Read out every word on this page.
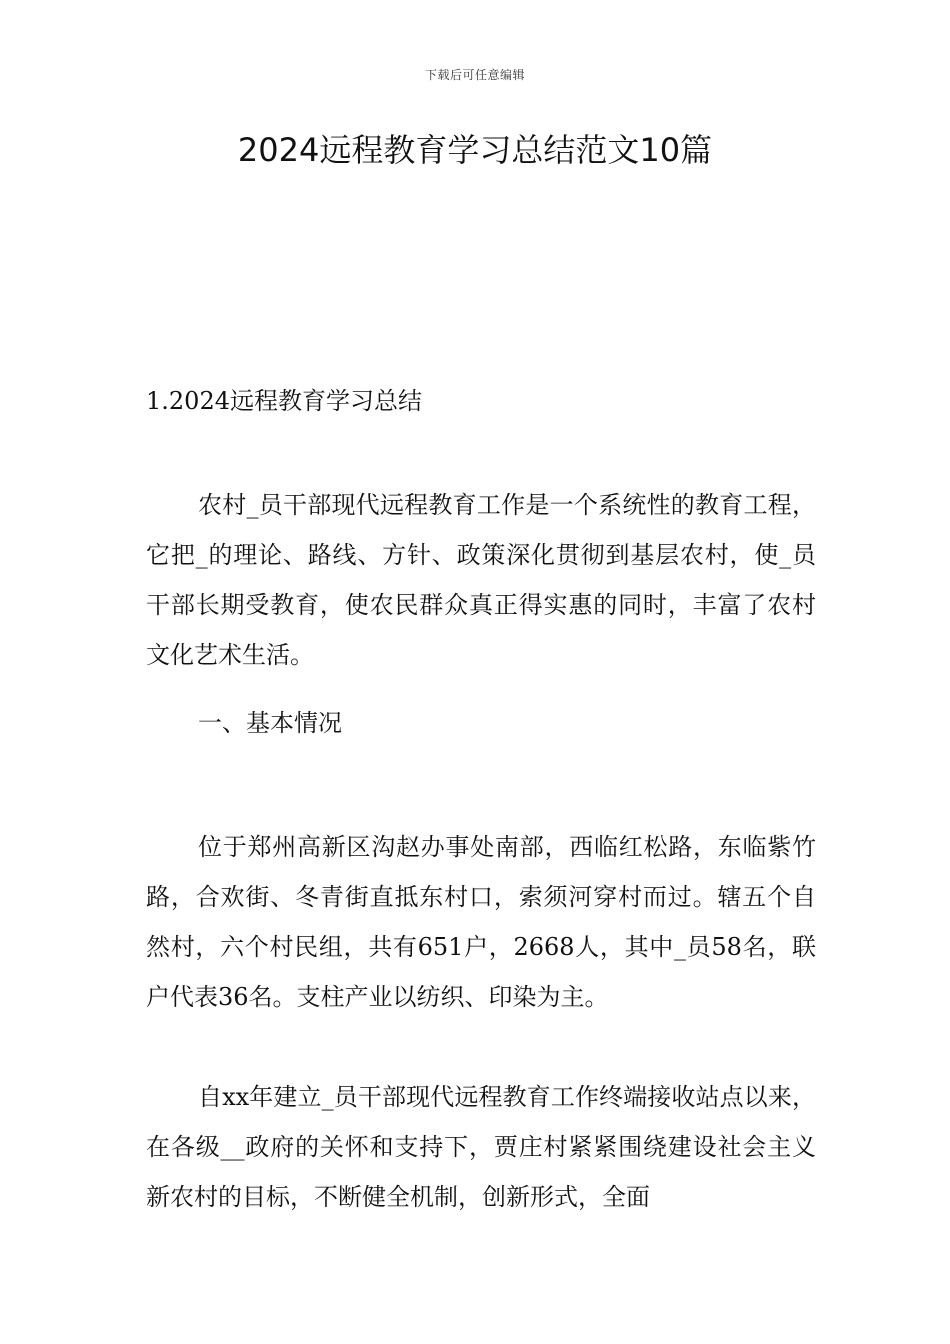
下载后可任意编辑
2024远程教育学习总结范文10篇

1.2024远程教育学习总结

农村_员干部现代远程教育工作是一个系统性的教育工程，它把_的理论、路线、方针、政策深化贯彻到基层农村，使_员干部长期受教育，使农民群众真正得实惠的同时，丰富了农村文化艺术生活。

一、基本情况

位于郑州高新区沟赵办事处南部，西临红松路，东临紫竹路，合欢街、冬青街直抵东村口，索须河穿村而过。辖五个自然村，六个村民组，共有651户，2668人，其中_员58名，联户代表36名。支柱产业以纺织、印染为主。

自xx年建立_员干部现代远程教育工作终端接收站点以来，在各级__政府的关怀和支持下，贾庄村紧紧围绕建设社会主义新农村的目标，不断健全机制，创新形式，全面
